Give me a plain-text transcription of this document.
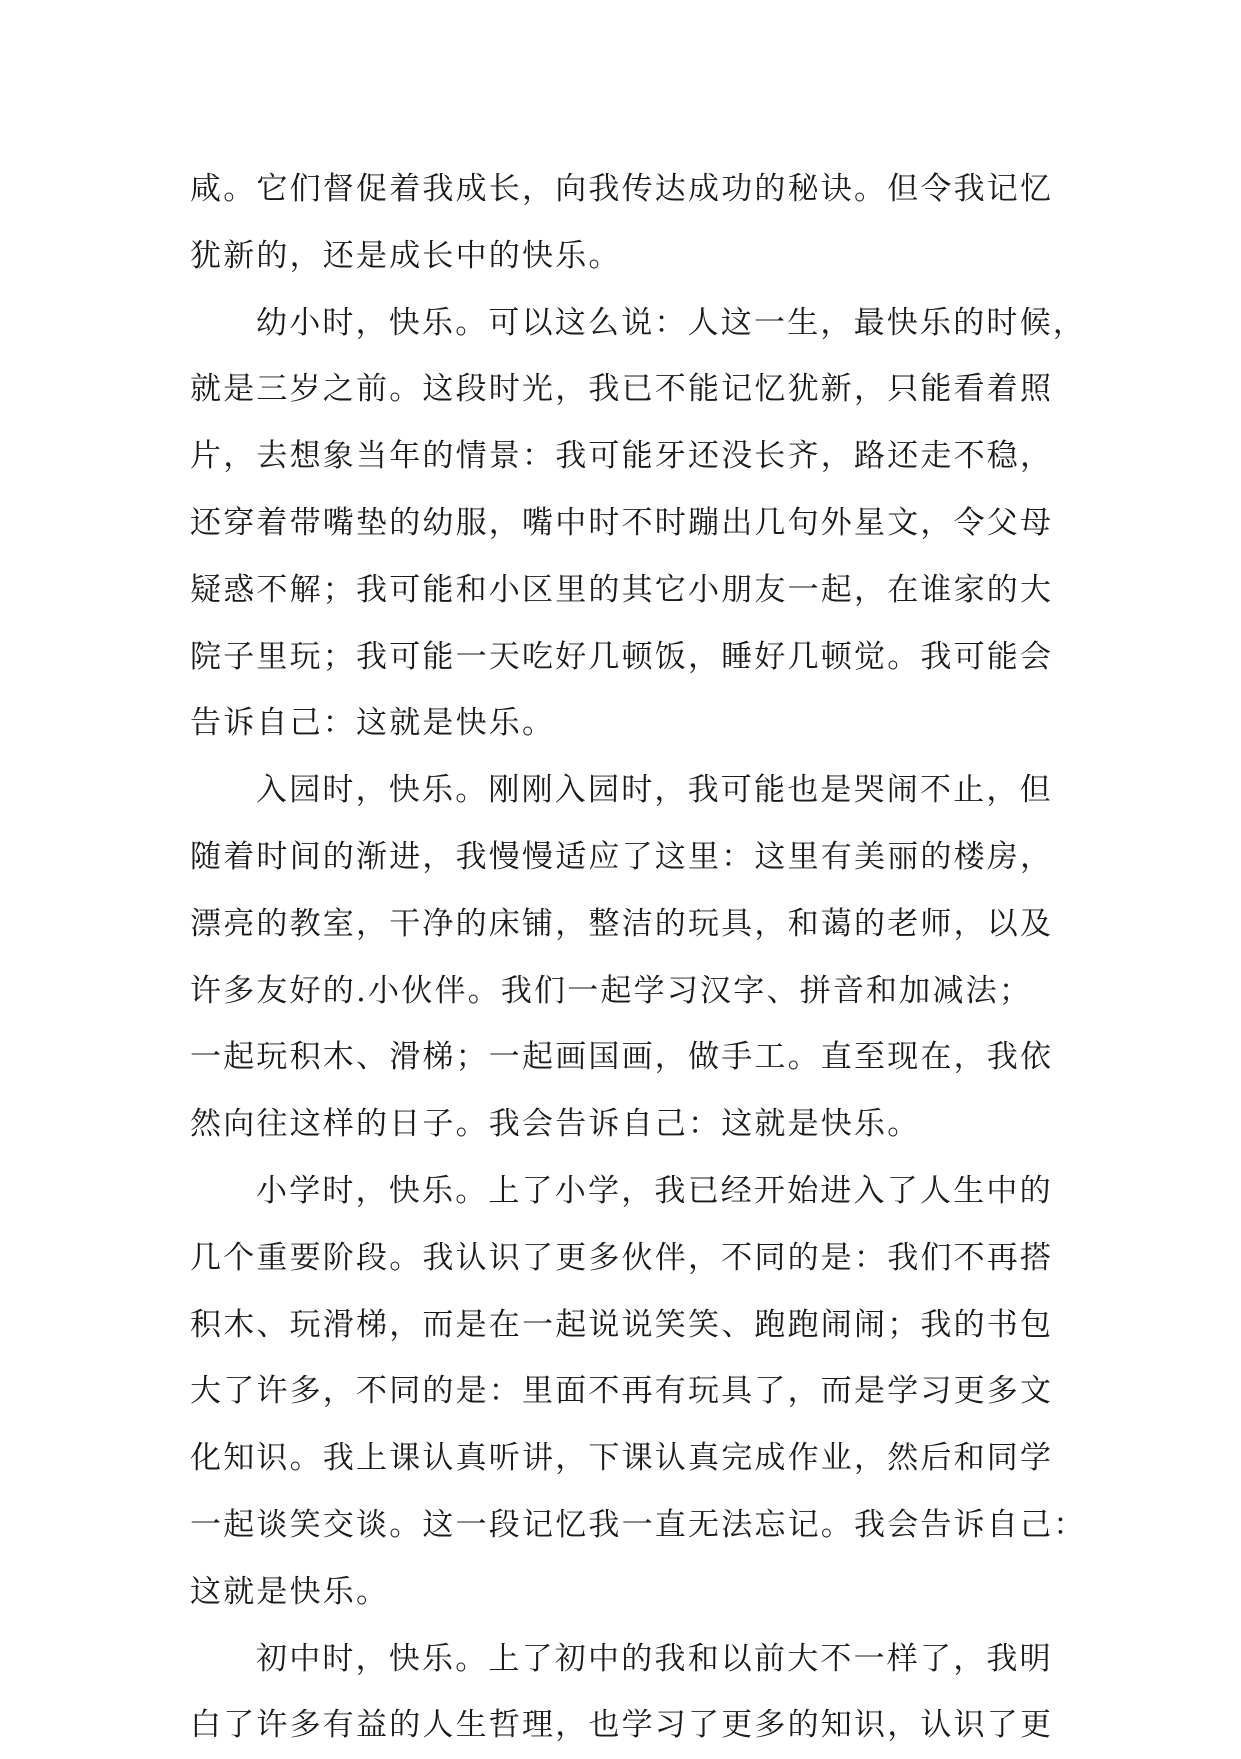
咸。它们督促着我成长，向我传达成功的秘诀。但令我记忆
犹新的，还是成长中的快乐。
幼小时，快乐。可以这么说：人这一生，最快乐的时候，
就是三岁之前。这段时光，我已不能记忆犹新，只能看着照
片，去想象当年的情景：我可能牙还没长齐，路还走不稳，
还穿着带嘴垫的幼服，嘴中时不时蹦出几句外星文，令父母
疑惑不解；我可能和小区里的其它小朋友一起，在谁家的大
院子里玩；我可能一天吃好几顿饭，睡好几顿觉。我可能会
告诉自己：这就是快乐。
入园时，快乐。刚刚入园时，我可能也是哭闹不止，但
随着时间的渐进，我慢慢适应了这里：这里有美丽的楼房，
漂亮的教室，干净的床铺，整洁的玩具，和蔼的老师，以及
许多友好的.小伙伴。我们一起学习汉字、拼音和加减法；
一起玩积木、滑梯；一起画国画，做手工。直至现在，我依
然向往这样的日子。我会告诉自己：这就是快乐。
小学时，快乐。上了小学，我已经开始进入了人生中的
几个重要阶段。我认识了更多伙伴，不同的是：我们不再搭
积木、玩滑梯，而是在一起说说笑笑、跑跑闹闹；我的书包
大了许多，不同的是：里面不再有玩具了，而是学习更多文
化知识。我上课认真听讲，下课认真完成作业，然后和同学
一起谈笑交谈。这一段记忆我一直无法忘记。我会告诉自己：
这就是快乐。
初中时，快乐。上了初中的我和以前大不一样了，我明
白了许多有益的人生哲理，也学习了更多的知识，认识了更
